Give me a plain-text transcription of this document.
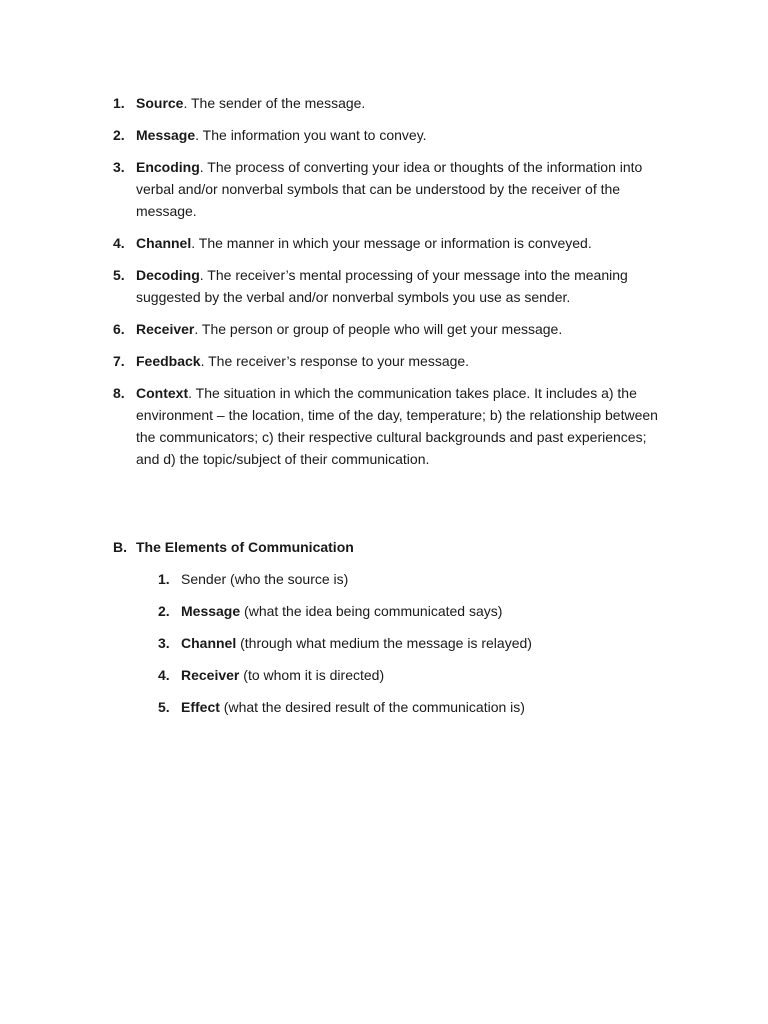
1. Source. The sender of the message.
2. Message. The information you want to convey.
3. Encoding. The process of converting your idea or thoughts of the information into verbal and/or nonverbal symbols that can be understood by the receiver of the message.
4. Channel. The manner in which your message or information is conveyed.
5. Decoding. The receiver’s mental processing of your message into the meaning suggested by the verbal and/or nonverbal symbols you use as sender.
6. Receiver. The person or group of people who will get your message.
7. Feedback. The receiver’s response to your message.
8. Context. The situation in which the communication takes place. It includes a) the environment – the location, time of the day, temperature; b) the relationship between the communicators; c) their respective cultural backgrounds and past experiences; and d) the topic/subject of their communication.
B. The Elements of Communication
1. Sender (who the source is)
2. Message (what the idea being communicated says)
3. Channel (through what medium the message is relayed)
4. Receiver (to whom it is directed)
5. Effect (what the desired result of the communication is)
